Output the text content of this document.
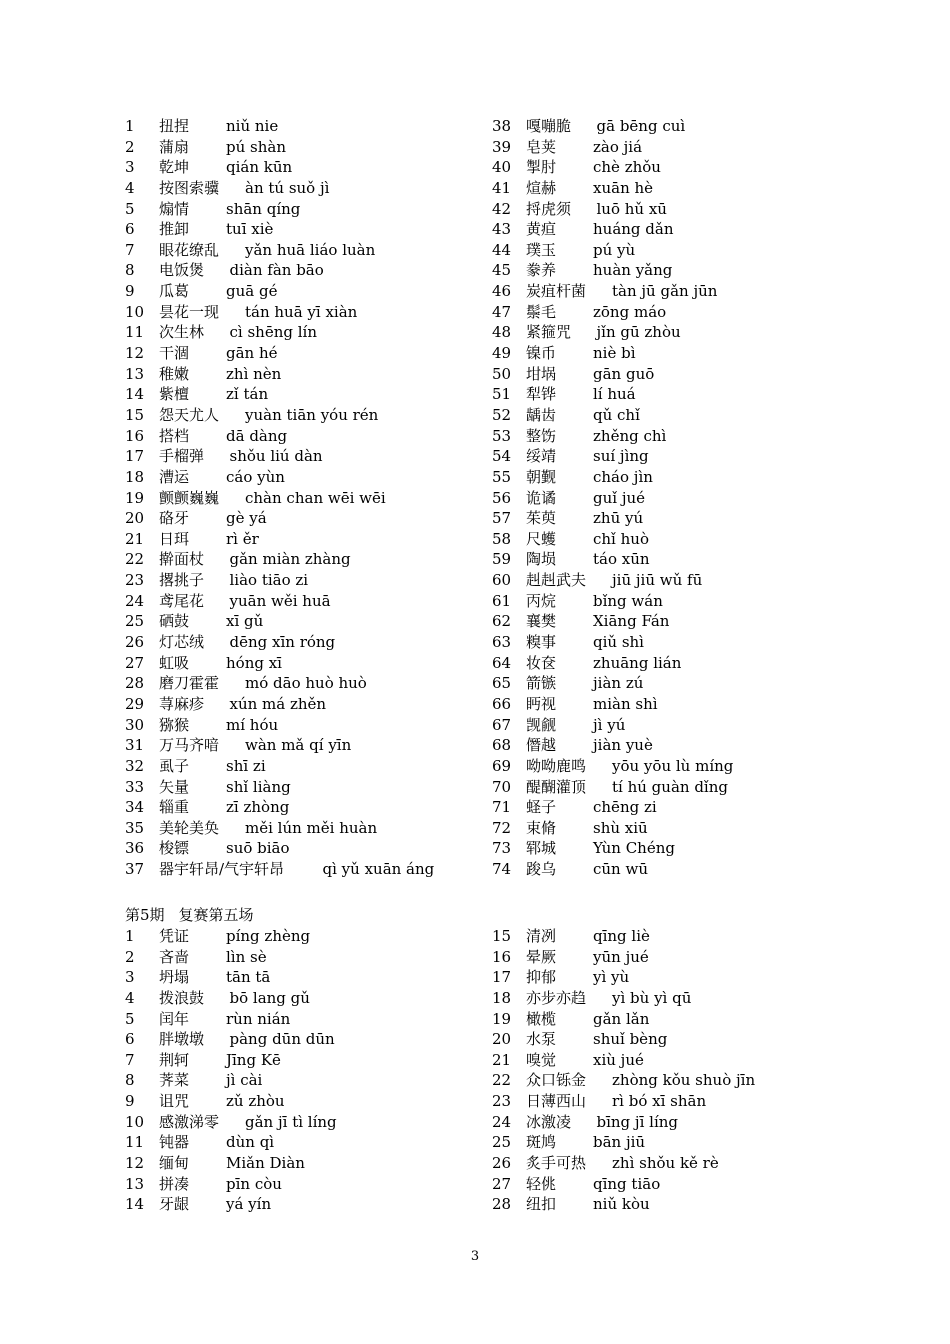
1 扭捏 niǔ nie
2 蒲扇 pú shàn
3 乾坤 qián kūn
4 按图索骥 àn tú suǒ jì
5 煽情 shān qíng
6 推卸 tuī xiè
7 眼花缭乱 yǎn huā liáo luàn
8 电饭煲 diàn fàn bāo
9 瓜葛 guā gé
10 昙花一现 tán huā yī xiàn
11 次生林 cì shēng lín
12 干涸 gān hé
13 稚嫩 zhì nèn
14 紫檀 zǐ tán
15 怨天尤人 yuàn tiān yóu rén
16 搭档 dā dàng
17 手榴弹 shǒu liú dàn
18 漕运 cáo yùn
19 颤颤巍巍 chàn chan wēi wēi
20 硌牙 gè yá
21 日珥 rì ěr
22 擀面杖 gǎn miàn zhàng
23 撂挑子 liào tiāo zi
24 鸢尾花 yuān wěi huā
25 硒鼓 xī gǔ
26 灯芯绒 dēng xīn róng
27 虹吸 hóng xī
28 磨刀霍霍 mó dāo huò huò
29 荨麻疹 xún má zhěn
30 猕猴 mí hóu
31 万马齐喑 wàn mǎ qí yīn
32 虱子 shī zi
33 矢量 shǐ liàng
34 辎重 zī zhòng
35 美轮美奂 měi lún měi huàn
36 梭镖 suō biāo
37 器宇轩昂/气宇轩昂	qì yǔ xuān áng
38 嘎嘣脆 gā bēng cuì
39 皂荚 zào jiá
40 掣肘 chè zhǒu
41 煊赫 xuān hè
42 捋虎须 luō hǔ xū
43 黄疸 huáng dǎn
44 璞玉 pú yù
45 豢养 huàn yǎng
46 炭疽杆菌 tàn jū gǎn jūn
47 鬃毛 zōng máo
48 紧箍咒 jǐn gū zhòu
49 镍币 niè bì
50 坩埚 gān guō
51 犁铧 lí huá
52 龋齿 qǔ chǐ
53 整饬 zhěng chì
54 绥靖 suí jìng
55 朝觐 cháo jìn
56 诡谲 guǐ jué
57 茱萸 zhū yú
58 尺蠖 chǐ huò
59 陶埙 táo xūn
60 赳赳武夫 jiū jiū wǔ fū
61 丙烷 bǐng wán
62 襄樊 Xiāng Fán
63 糗事 qiǔ shì
64 妆奁 zhuāng lián
65 箭镞 jiàn zú
66 眄视 miàn shì
67 觊觎 jì yú
68 僭越 jiàn yuè
69 呦呦鹿鸣 yōu yōu lù míng
70 醍醐灌顶 tí hú guàn dǐng
71 蛏子 chēng zi
72 束脩 shù xiū
73 郓城 Yùn Chéng
74 踆乌 cūn wū
第5期 复赛第五场
1 凭证 píng zhèng
2 吝啬 lìn sè
3 坍塌 tān tā
4 拨浪鼓 bō lang gǔ
5 闰年 rùn nián
6 胖墩墩 pàng dūn dūn
7 荆轲 Jīng Kē
8 荠菜 jì cài
9 诅咒 zǔ zhòu
10 感激涕零 gǎn jī tì líng
11 钝器 dùn qì
12 缅甸 Miǎn Diàn
13 拼凑 pīn còu
14 牙龈 yá yín
15 清冽 qīng liè
16 晕厥 yūn jué
17 抑郁 yì yù
18 亦步亦趋 yì bù yì qū
19 橄榄 gǎn lǎn
20 水泵 shuǐ bèng
21 嗅觉 xiù jué
22 众口铄金 zhòng kǒu shuò jīn
23 日薄西山 rì bó xī shān
24 冰激凌 bīng jī líng
25 斑鸠 bān jiū
26 炙手可热 zhì shǒu kě rè
27 轻佻 qīng tiāo
28 纽扣 niǔ kòu
3
